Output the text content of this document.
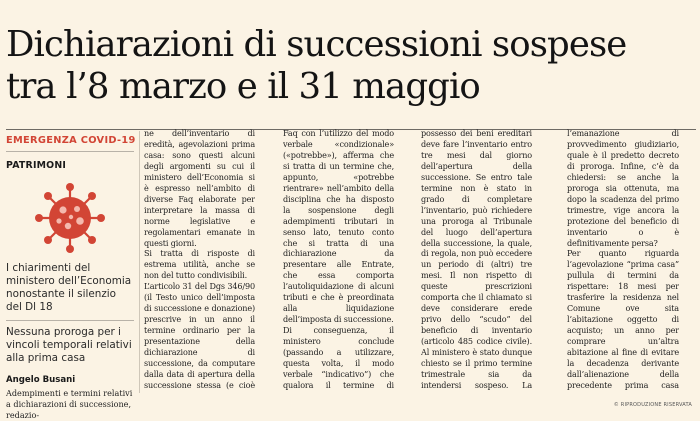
Dichiarazioni di successioni sospese
tra l’8 marzo e il 31 maggio
EMERGENZA COVID-19
PATRIMONI
I chiarimenti del ministero dell’Economia nonostante il silenzio del Dl 18
Nessuna proroga per i vincoli temporali relativi alla prima casa
Angelo Busani
Adempimenti e termini relativi a dichiarazioni di successione, redazio-
ne dell’inventario di eredità, agevolazioni prima casa: sono questi alcuni degli argomenti su cui il ministero dell’Economia si è espresso nell’ambito di diverse Faq elaborate per interpretare la massa di norme legislative e regolamentari emanate in questi giorni.
Si tratta di risposte di estrema utilità, anche se non del tutto condivisibili.
L’articolo 31 del Dgs 346/90 (il Testo unico dell’imposta di successione e donazione) prescrive in un anno il termine ordinario per la presentazione della dichiarazione di successione, da computare dalla data di apertura della successione stessa (e cioè

Faq con l’utilizzo del modo verbale «condizionale» («potrebbe»), afferma che si tratta di un termine che, appunto, «potrebbe rientrare» nell’ambito della disciplina che ha disposto la sospensione degli adempimenti tributari in senso lato, tenuto conto che si tratta di una dichiarazione da presentare alle Entrate, che essa comporta l’autoliquidazione di alcuni tributi e che è preordinata alla liquidazione dell’imposta di successione.
Di conseguenza, il ministero conclude (passando a utilizzare, questa volta, il modo verbale “indicativo”) che qualora il termine di

possesso dei beni ereditari deve fare l’inventario entro tre mesi dal giorno dell’apertura della successione. Se entro tale termine non è stato in grado di completare l’inventario, può richiedere una proroga al Tribunale del luogo dell’apertura della successione, la quale, di regola, non può eccedere un periodo di (altri) tre mesi. Il non rispetto di queste prescrizioni comporta che il chiamato si deve considerare erede privo dello “scudo” del beneficio di inventario (articolo 485 codice civile). Al ministero è stato dunque chiesto se il primo termine trimestrale sia da intendersi sospeso. La
l’emanazione di provvedimento giudiziario, quale è il predetto decreto di proroga. Infine, c’è da chiedersi: se anche la proroga sia ottenuta, ma dopo la scadenza del primo trimestre, vige ancora la protezione del beneficio di inventario o è definitivamente persa?
Per quanto riguarda l’agevolazione “prima casa” pullula di termini da rispettare: 18 mesi per trasferire la residenza nel Comune ove sita l’abitazione oggetto di acquisto; un anno per comprare un’altra abitazione al fine di evitare la decadenza derivante dall’alienazione della precedente prima casa
© RIPRODUZIONE RISERVATA
